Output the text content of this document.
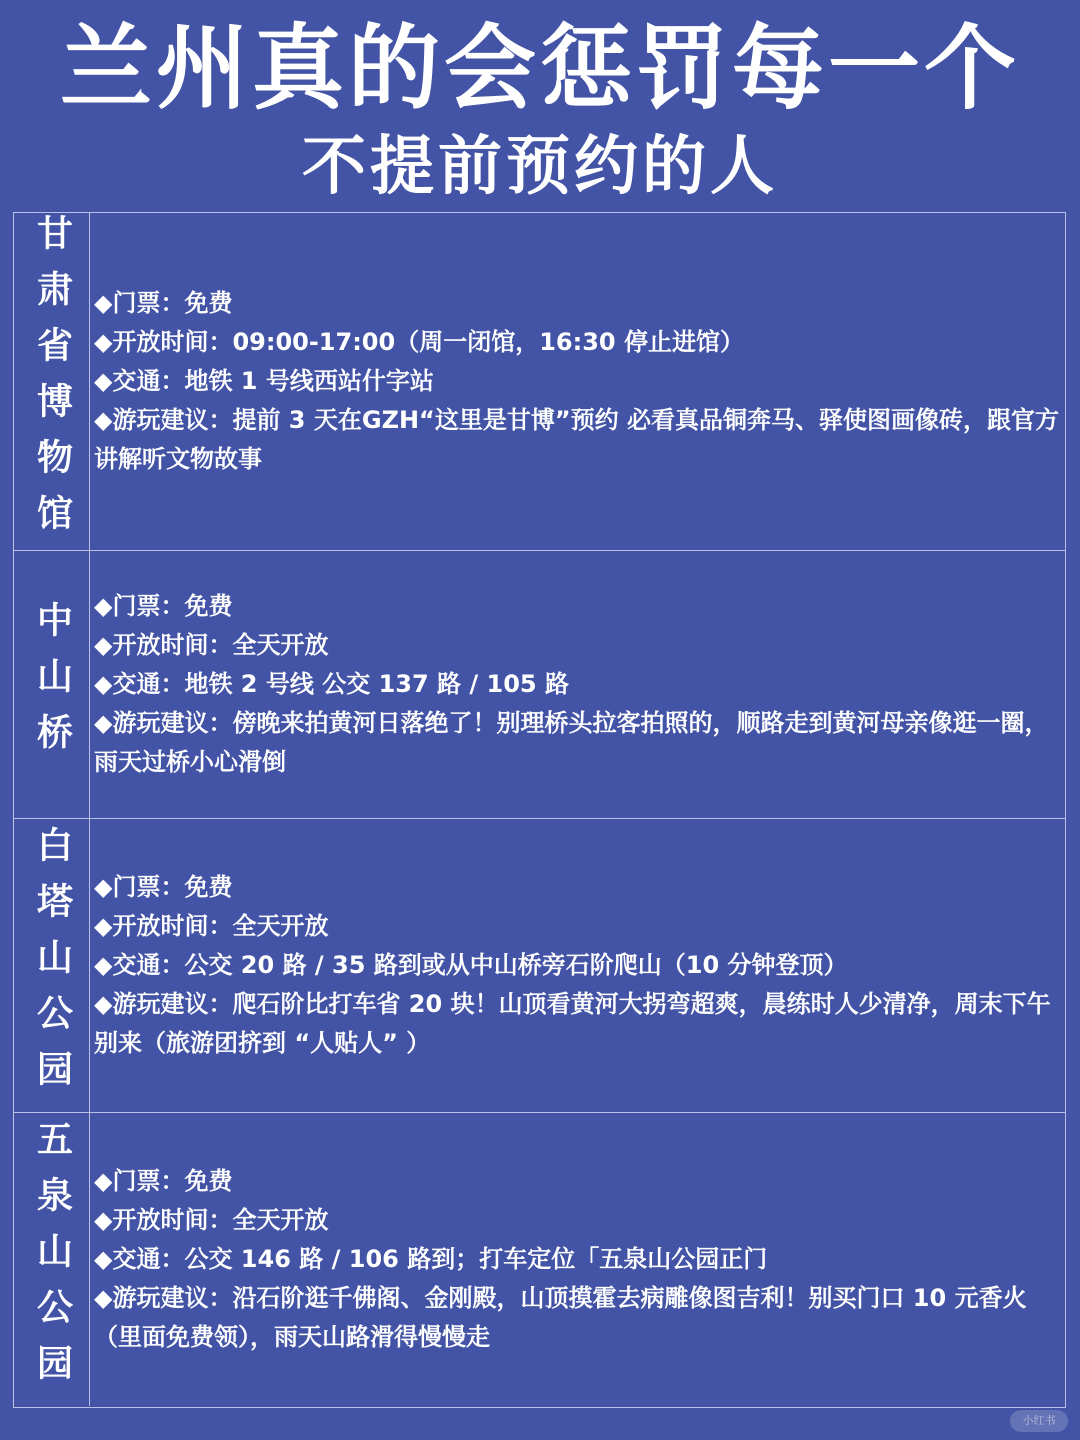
兰州真的会惩罚每一个
不提前预约的人
甘肃省博物馆 ◆门票：免费
◆开放时间：09:00-17:00（周一闭馆，16:30 停止进馆）
◆交通：地铁 1 号线西站什字站
◆游玩建议：提前 3 天在GZH“这里是甘博”预约 必看真品铜奔马、驿使图画像砖，跟官方讲解听文物故事
中山桥 ◆门票：免费
◆开放时间：全天开放
◆交通：地铁 2 号线 公交 137 路 / 105 路
◆游玩建议：傍晚来拍黄河日落绝了！别理桥头拉客拍照的，顺路走到黄河母亲像逛一圈，雨天过桥小心滑倒
白塔山公园 ◆门票：免费
◆开放时间：全天开放
◆交通：公交 20 路 / 35 路到或从中山桥旁石阶爬山（10 分钟登顶）
◆游玩建议：爬石阶比打车省 20 块！山顶看黄河大拐弯超爽，晨练时人少清净，周末下午别来（旅游团挤到 “人贴人” ）
五泉山公园 ◆门票：免费
◆开放时间：全天开放
◆交通：公交 146 路 / 106 路到；打车定位「五泉山公园正门
◆游玩建议：沿石阶逛千佛阁、金刚殿，山顶摸霍去病雕像图吉利！别买门口 10 元香火（里面免费领），雨天山路滑得慢慢走
小红书
